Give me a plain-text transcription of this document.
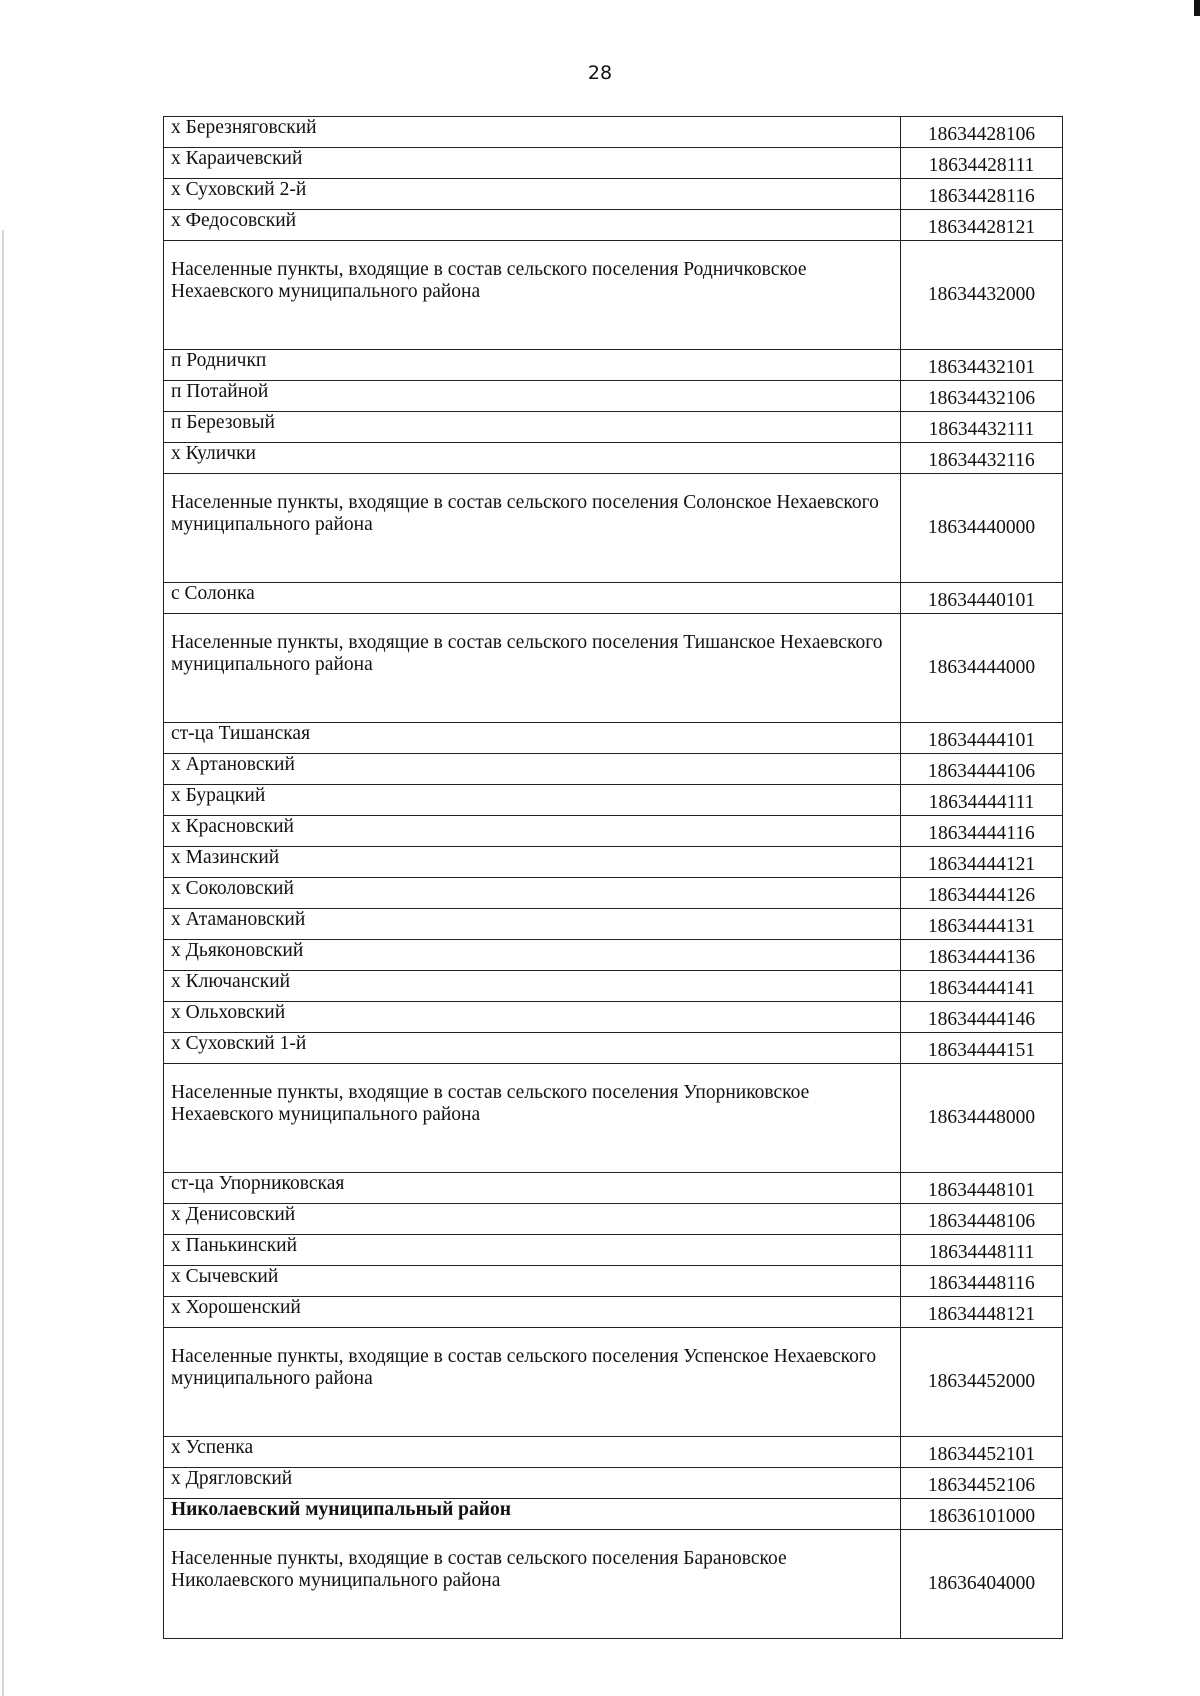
28
х Березняговский	18634428106
х Караичевский	18634428111
х Суховский 2-й	18634428116
х Федосовский	18634428121
Населенные пункты, входящие в состав сельского поселения Родничковское Нехаевского муниципального района	18634432000
п Родничкп	18634432101
п Потайной	18634432106
п Березовый	18634432111
х Кулички	18634432116
Населенные пункты, входящие в состав сельского поселения Солонское Нехаевского муниципального района	18634440000
с Солонка	18634440101
Населенные пункты, входящие в состав сельского поселения Тишанское Нехаевского муниципального района	18634444000
ст-ца Тишанская	18634444101
х Артановский	18634444106
х Бурацкий	18634444111
х Красновский	18634444116
х Мазинский	18634444121
х Соколовский	18634444126
х Атамановский	18634444131
х Дьяконовский	18634444136
х Ключанский	18634444141
х Ольховский	18634444146
х Суховский 1-й	18634444151
Населенные пункты, входящие в состав сельского поселения Упорниковское Нехаевского муниципального района	18634448000
ст-ца Упорниковская	18634448101
х Денисовский	18634448106
х Панькинский	18634448111
х Сычевский	18634448116
х Хорошенский	18634448121
Населенные пункты, входящие в состав сельского поселения Успенское Нехаевского муниципального района	18634452000
х Успенка	18634452101
х Дрягловский	18634452106
Николаевский муниципальный район	18636101000
Населенные пункты, входящие в состав сельского поселения Барановское Николаевского муниципального района	18636404000
